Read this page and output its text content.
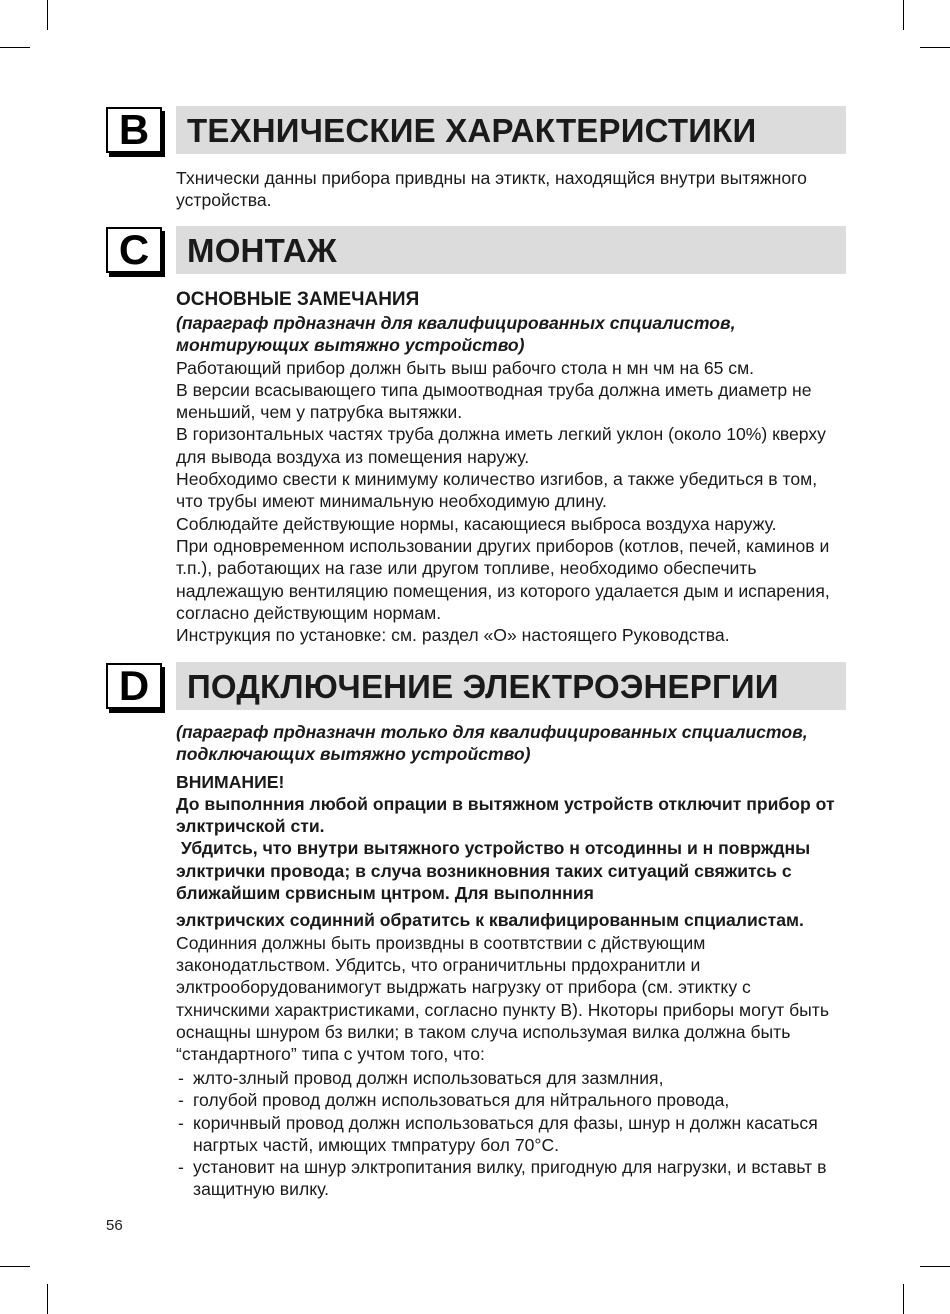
B	ТЕХНИЧЕСКИЕ ХАРАКТЕРИСТИКИ

Тхнически данны прибора привдны на этиктк, находящйся внутри вытяжного устройства.

C	МОНТАЖ

ОСНОВНЫЕ ЗАМЕЧАНИЯ

(параграф прдназначн для квалифицированных спциалистов,

монтирующих вытяжно устройство)

Работающий прибор должн быть выш рабочго стола н мн чм на 65 см.

В версии всасывающего типа дымоотводная труба должна иметь диаметр не меньший, чем у патрубка вытяжки.

В горизонтальных частях труба должна иметь легкий уклон (около 10%) кверху для вывода воздуха из помещения наружу.

Необходимо свести к минимуму количество изгибов, а также убедиться в том, что трубы имеют минимальную необходимую длину.

Соблюдайте действующие нормы, касающиеся выброса воздуха наружу.

При одновременном использовании других приборов (котлов, печей, каминов и т.п.), работающих на газе или другом топливе, необходимо обеспечить надлежащую вентиляцию помещения, из которого удалается дым и испарения, согласно действующим нормам.

Инструкция по установке: см. раздел «О» настоящего Руководства.

D	ПОДКЛЮЧЕНИЕ ЭЛЕКТРОЭНЕРГИИ

(параграф прдназначн только для квалифицированных спциалистов,

подключающих вытяжно устройство)

ВНИМАНИЕ!

До выполнния любой опрации в вытяжном устройств отключит прибор от элктричской сти.

Убдитсь, что внутри вытяжного устройство н отсодинны и н поврждны элктрички провода; в случа возникновния таких ситуаций свяжитсь с ближайшим срвисным цнтром. Для выполнния

элктричских содинний обратитсь к квалифицированным спциалистам.

Содинния должны быть произвдны в соотвтствии с дйствующим законодатльством. Убдитсь, что ограничитльны прдохранитли и элктрооборудованимогут выдржать нагрузку от прибора (см. этиктку с тхничскими характристиками, согласно пункту В). Нкоторы приборы могут быть оснащны шнуром бз вилки; в таком случа использумая вилка должна быть “стандартного” типа с учтом того, что:

- жлто-злный провод должн использоваться для зазмлния,
- голубой провод должн использоваться для нйтрального провода,
- коричнвый провод должн использоваться для фазы, шнур н должн касаться нагртых частй, имющих тмпратуру бол 70°C.
- установит на шнур элктропитания вилку, пригодную для нагрузки, и вставьт в защитную вилку.
56
